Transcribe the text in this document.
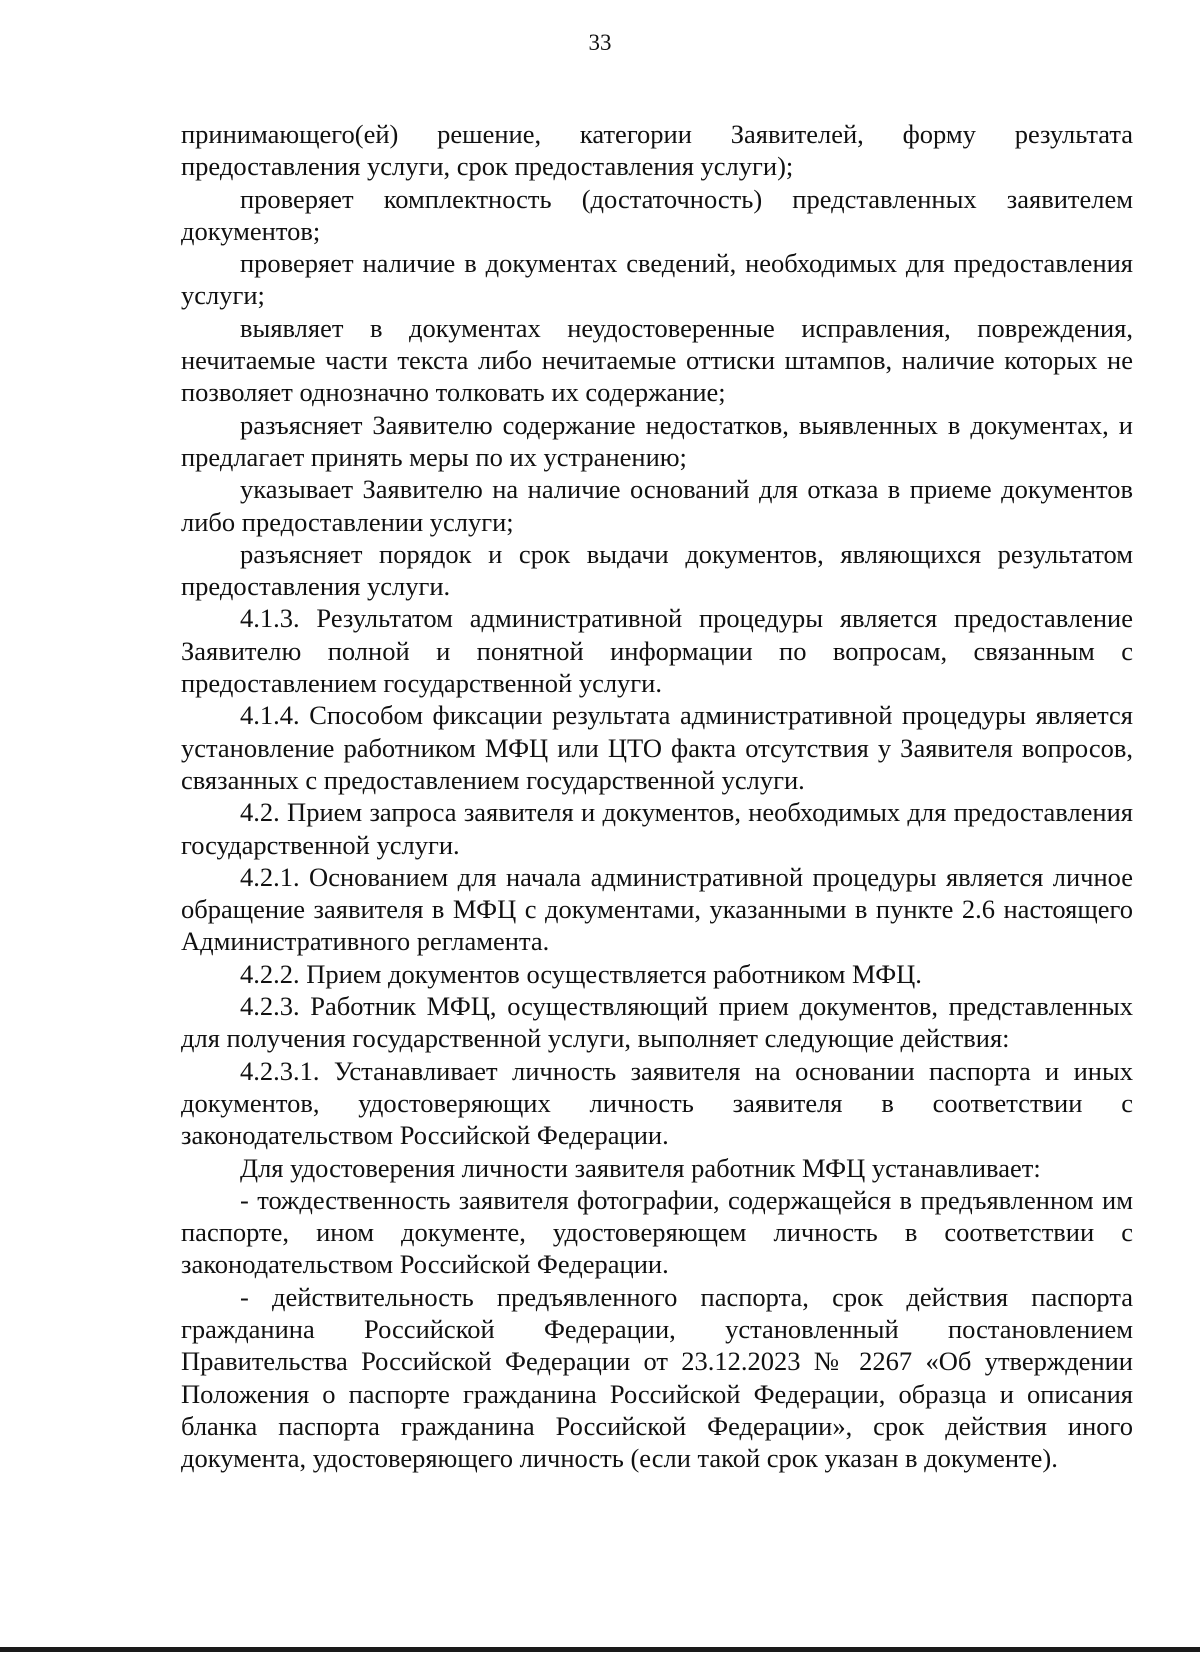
33

принимающего(ей) решение, категории Заявителей, форму результата предоставления услуги, срок предоставления услуги);

проверяет комплектность (достаточность) представленных заявителем документов;

проверяет наличие в документах сведений, необходимых для предоставления услуги;

выявляет в документах неудостоверенные исправления, повреждения, нечитаемые части текста либо нечитаемые оттиски штампов, наличие которых не позволяет однозначно толковать их содержание;

разъясняет Заявителю содержание недостатков, выявленных в документах, и предлагает принять меры по их устранению;

указывает Заявителю на наличие оснований для отказа в приеме документов либо предоставлении услуги;

разъясняет порядок и срок выдачи документов, являющихся результатом предоставления услуги.

4.1.3. Результатом административной процедуры является предоставление Заявителю полной и понятной информации по вопросам, связанным с предоставлением государственной услуги.

4.1.4. Способом фиксации результата административной процедуры является установление работником МФЦ или ЦТО факта отсутствия у Заявителя вопросов, связанных с предоставлением государственной услуги.

4.2. Прием запроса заявителя и документов, необходимых для предоставления государственной услуги.

4.2.1. Основанием для начала административной процедуры является личное обращение заявителя в МФЦ с документами, указанными в пункте 2.6 настоящего Административного регламента.

4.2.2. Прием документов осуществляется работником МФЦ.

4.2.3. Работник МФЦ, осуществляющий прием документов, представленных для получения государственной услуги, выполняет следующие действия:

4.2.3.1. Устанавливает личность заявителя на основании паспорта и иных документов, удостоверяющих личность заявителя в соответствии с законодательством Российской Федерации.

Для удостоверения личности заявителя работник МФЦ устанавливает:

- тождественность заявителя фотографии, содержащейся в предъявленном им паспорте, ином документе, удостоверяющем личность в соответствии с законодательством Российской Федерации.

- действительность предъявленного паспорта, срок действия паспорта гражданина Российской Федерации, установленный постановлением Правительства Российской Федерации от 23.12.2023 № 2267 «Об утверждении Положения о паспорте гражданина Российской Федерации, образца и описания бланка паспорта гражданина Российской Федерации», срок действия иного документа, удостоверяющего личность (если такой срок указан в документе).
